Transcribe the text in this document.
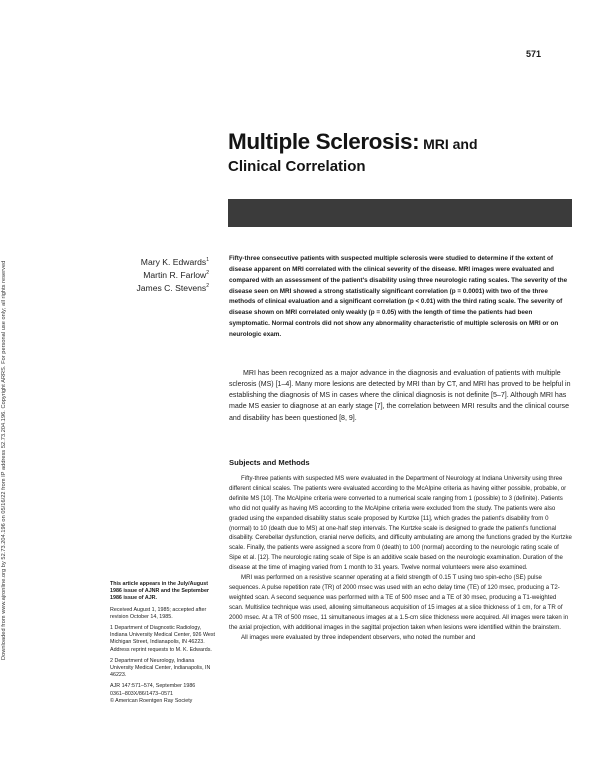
Downloaded from www.ajronline.org by 52.73.204.196 on 05/16/22 from IP address 52.73.204.196. Copyright ARRS. For personal use only; all rights reserved
571
Multiple Sclerosis: MRI and
Clinical Correlation
Mary K. Edwards$^1$
Martin R. Farlow$^2$
James C. Stevens$^2$
Fifty-three consecutive patients with suspected multiple sclerosis were studied to determine if the extent of disease apparent on MRI correlated with the clinical severity of the disease. MRI images were evaluated and compared with an assessment of the patient's disability using three neurologic rating scales. The severity of the disease seen on MRI showed a strong statistically significant correlation (p = 0.0001) with two of the three methods of clinical evaluation and a significant correlation (p < 0.01) with the third rating scale. The severity of disease shown on MRI correlated only weakly (p = 0.05) with the length of time the patients had been symptomatic. Normal controls did not show any abnormality characteristic of multiple sclerosis on MRI or on neurologic exam.

MRI has been recognized as a major advance in the diagnosis and evaluation of patients with multiple sclerosis (MS) [1–4]. Many more lesions are detected by MRI than by CT, and MRI has proved to be helpful in establishing the diagnosis of MS in cases where the clinical diagnosis is not definite [5–7]. Although MRI has made MS easier to diagnose at an early stage [7], the correlation between MRI results and the clinical course and disability has been questioned [8, 9].

Subjects and Methods

Fifty-three patients with suspected MS were evaluated in the Department of Neurology at Indiana University using three different clinical scales. The patients were evaluated according to the McAlpine criteria as having either possible, probable, or definite MS [10]. The McAlpine criteria were converted to a numerical scale ranging from 1 (possible) to 3 (definite). Patients who did not qualify as having MS according to the McAlpine criteria were excluded from the study. The patients were also graded using the expanded disability status scale proposed by Kurtzke [11], which grades the patient's disability from 0 (normal) to 10 (death due to MS) at one-half step intervals. The Kurtzke scale is designed to grade the patient's functional disability. Cerebellar dysfunction, cranial nerve deficits, and difficulty ambulating are among the functions graded by the Kurtzke scale. Finally, the patients were assigned a score from 0 (death) to 100 (normal) according to the neurologic rating scale of Sipe et al. [12]. The neurologic rating scale of Sipe is an additive scale based on the neurologic examination. Duration of the disease at the time of imaging varied from 1 month to 31 years. Twelve normal volunteers were also examined.

MRI was performed on a resistive scanner operating at a field strength of 0.15 T using two spin-echo (SE) pulse sequences. A pulse repetition rate (TR) of 2000 msec was used with an echo delay time (TE) of 120 msec, producing a T2-weighted scan. A second sequence was performed with a TE of 500 msec and a TE of 30 msec, producing a T1-weighted scan. Multislice technique was used, allowing simultaneous acquisition of 15 images at a slice thickness of 1 cm, for a TR of 2000 msec. At a TR of 500 msec, 11 simultaneous images at a 1.5-cm slice thickness were acquired. All images were taken in the axial projection, with additional images in the sagittal projection taken when lesions were identified within the brainstem.

All images were evaluated by three independent observers, who noted the number and

This article appears in the July/August 1986 issue of AJNR and the September 1986 issue of AJR.

Received August 1, 1985; accepted after revision October 14, 1985.

1 Department of Diagnostic Radiology, Indiana University Medical Center, 926 West Michigan Street, Indianapolis, IN 46223. Address reprint requests to M. K. Edwards.

2 Department of Neurology, Indiana University Medical Center, Indianapolis, IN 46223.

AJR 147:571–574, September 1986

0361–803X/86/1473–0571

© American Roentgen Ray Society
